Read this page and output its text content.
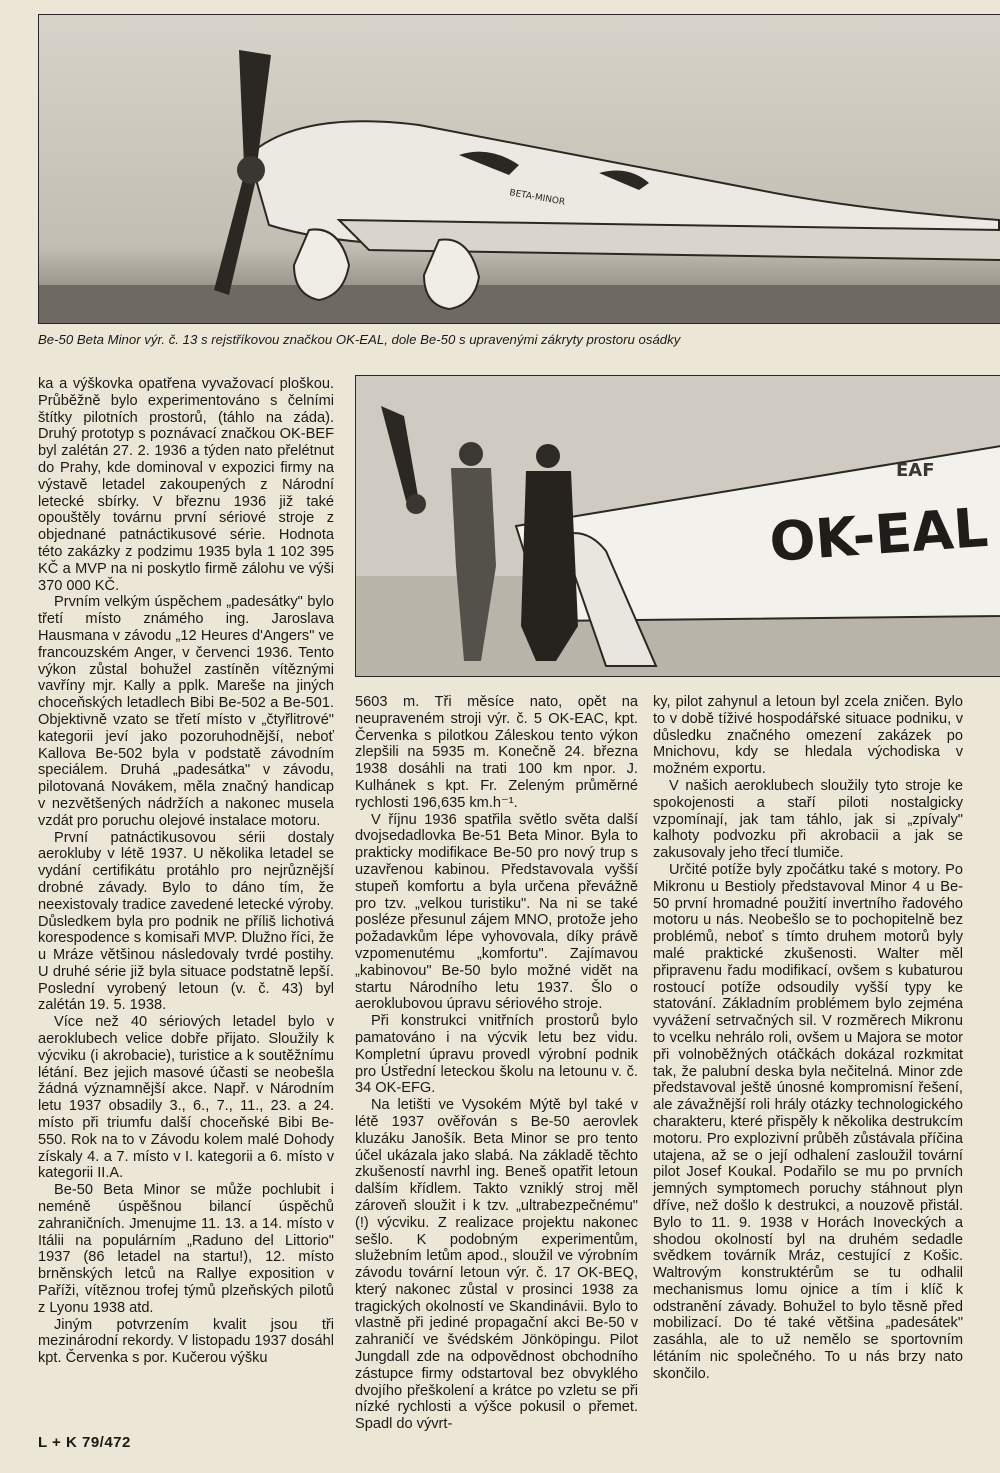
BETA-MINOR
Be-50 Beta Minor výr. č. 13 s rejstříkovou značkou OK-EAL, dole Be-50 s upravenými zákryty prostoru osádky
OK-EAL
EAF

ka a výškovka opatřena vyvažovací ploškou. Průběžně bylo experimentováno s čelními štítky pilotních prostorů, (táhlo na záda). Druhý prototyp s poznávací značkou OK-BEF byl zalétán 27. 2. 1936 a týden nato přelétnut do Prahy, kde dominoval v expozici firmy na výstavě letadel zakoupených z Národní letecké sbírky. V březnu 1936 již také opouštěly továrnu první sériové stroje z objednané patnáctikusové série. Hodnota této zakázky z podzimu 1935 byla 1 102 395 KČ a MVP na ni poskytlo firmě zálohu ve výši 370 000 KČ.

Prvním velkým úspěchem „padesátky" bylo třetí místo známého ing. Jaroslava Hausmana v závodu „12 Heures d'Angers" ve francouzském Anger, v červenci 1936. Tento výkon zůstal bohužel zastíněn vítěznými vavříny mjr. Kally a pplk. Mareše na jiných choceňských letadlech Bibi Be-502 a Be-501. Objektivně vzato se třetí místo v „čtyřlitrové" kategorii jeví jako pozoruhodnější, neboť Kallova Be-502 byla v podstatě závodním speciálem. Druhá „padesátka" v závodu, pilotovaná Novákem, měla značný handicap v nezvětšených nádržích a nakonec musela vzdát pro poruchu olejové instalace motoru.

První patnáctikusovou sérii dostaly aerokluby v létě 1937. U několika letadel se vydání certifikátu protáhlo pro nejrůznější drobné závady. Bylo to dáno tím, že neexistovaly tradice zavedené letecké výroby. Důsledkem byla pro podnik ne příliš lichotivá korespodence s komisaři MVP. Dlužno říci, že u Mráze většinou následovaly tvrdé postihy. U druhé série již byla situace podstatně lepší. Poslední vyrobený letoun (v. č. 43) byl zalétán 19. 5. 1938.

Více než 40 sériových letadel bylo v aeroklubech velice dobře přijato. Sloužily k výcviku (i akrobacie), turistice a k soutěžnímu létání. Bez jejich masové účasti se neobešla žádná významnější akce. Např. v Národním letu 1937 obsadily 3., 6., 7., 11., 23. a 24. místo při triumfu další choceňské Bibi Be-550. Rok na to v Závodu kolem malé Dohody získaly 4. a 7. místo v I. kategorii a 6. místo v kategorii II.A.

Be-50 Beta Minor se může pochlubit i neméně úspěšnou bilancí úspěchů zahraničních. Jmenujme 11. 13. a 14. místo v Itálii na populárním „Raduno del Littorio" 1937 (86 letadel na startu!), 12. místo brněnských letců na Rallye exposition v Paříži, vítěznou trofej týmů plzeňských pilotů z Lyonu 1938 atd.

Jiným potvrzením kvalit jsou tři mezinárodní rekordy. V listopadu 1937 dosáhl kpt. Červenka s por. Kučerou výšku

5603 m. Tři měsíce nato, opět na neupraveném stroji výr. č. 5 OK-EAC, kpt. Červenka s pilotkou Záleskou tento výkon zlepšili na 5935 m. Konečně 24. března 1938 dosáhli na trati 100 km npor. J. Kulhánek s kpt. Fr. Zeleným průměrné rychlosti 196,635 km.h⁻¹.

V říjnu 1936 spatřila světlo světa další dvojsedadlovka Be-51 Beta Minor. Byla to prakticky modifikace Be-50 pro nový trup s uzavřenou kabinou. Představovala vyšší stupeň komfortu a byla určena převážně pro tzv. „velkou turistiku". Na ni se také posléze přesunul zájem MNO, protože jeho požadavkům lépe vyhovovala, díky právě vzpomenutému „komfortu". Zajímavou „kabinovou" Be-50 bylo možné vidět na startu Národního letu 1937. Šlo o aeroklubovou úpravu sériového stroje.

Při konstrukci vnitřních prostorů bylo pamatováno i na výcvik letu bez vidu. Kompletní úpravu provedl výrobní podnik pro Ústřední leteckou školu na letounu v. č. 34 OK-EFG.

Na letišti ve Vysokém Mýtě byl také v létě 1937 ověřován s Be-50 aerovlek kluzáku Janošík. Beta Minor se pro tento účel ukázala jako slabá. Na základě těchto zkušeností navrhl ing. Beneš opatřit letoun dalším křídlem. Takto vzniklý stroj měl zároveň sloužit i k tzv. „ultrabezpečnému" (!) výcviku. Z realizace projektu nakonec sešlo. K podobným experimentům, služebním letům apod., sloužil ve výrobním závodu tovární letoun výr. č. 17 OK-BEQ, který nakonec zůstal v prosinci 1938 za tragických okolností ve Skandinávii. Bylo to vlastně při jediné propagační akci Be-50 v zahraničí ve švédském Jönköpingu. Pilot Jungdall zde na odpovědnost obchodního zástupce firmy odstartoval bez obvyklého dvojího přeškolení a krátce po vzletu se při nízké rychlosti a výšce pokusil o přemet. Spadl do vývrt-

ky, pilot zahynul a letoun byl zcela zničen. Bylo to v době tíživé hospodářské situace podniku, v důsledku značného omezení zakázek po Mnichovu, kdy se hledala východiska v možném exportu.

V našich aeroklubech sloužily tyto stroje ke spokojenosti a staří piloti nostalgicky vzpomínají, jak tam táhlo, jak si „zpívaly" kalhoty podvozku při akrobacii a jak se zakusovaly jeho třecí tlumiče.

Určité potíže byly zpočátku také s motory. Po Mikronu u Bestioly představoval Minor 4 u Be-50 první hromadné použití invertního řadového motoru u nás. Neobešlo se to pochopitelně bez problémů, neboť s tímto druhem motorů byly malé praktické zkušenosti. Walter měl připravenu řadu modifikací, ovšem s kubaturou rostoucí potíže odsoudily vyšší typy ke statování. Základním problémem bylo zejména vyvážení setrvačných sil. V rozměrech Mikronu to vcelku nehrálo roli, ovšem u Majora se motor při volnoběžných otáčkách dokázal rozkmitat tak, že palubní deska byla nečitelná. Minor zde představoval ještě únosné kompromisní řešení, ale závažnější roli hrály otázky technologického charakteru, které přispěly k několika destrukcím motoru. Pro explozivní průběh zůstávala příčina utajena, až se o její odhalení zasloužil tovární pilot Josef Koukal. Podařilo se mu po prvních jemných symptomech poruchy stáhnout plyn dříve, než došlo k destrukci, a nouzově přistál. Bylo to 11. 9. 1938 v Horách Inoveckých a shodou okolností byl na druhém sedadle svědkem továrník Mráz, cestující z Košic. Waltrovým konstruktérům se tu odhalil mechanismus lomu ojnice a tím i klíč k odstranění závady. Bohužel to bylo těsně před mobilizací. Do té také většina „padesátek" zasáhla, ale to už nemělo se sportovním létáním nic společného. To u nás brzy nato skončilo.

L + K 79/472
